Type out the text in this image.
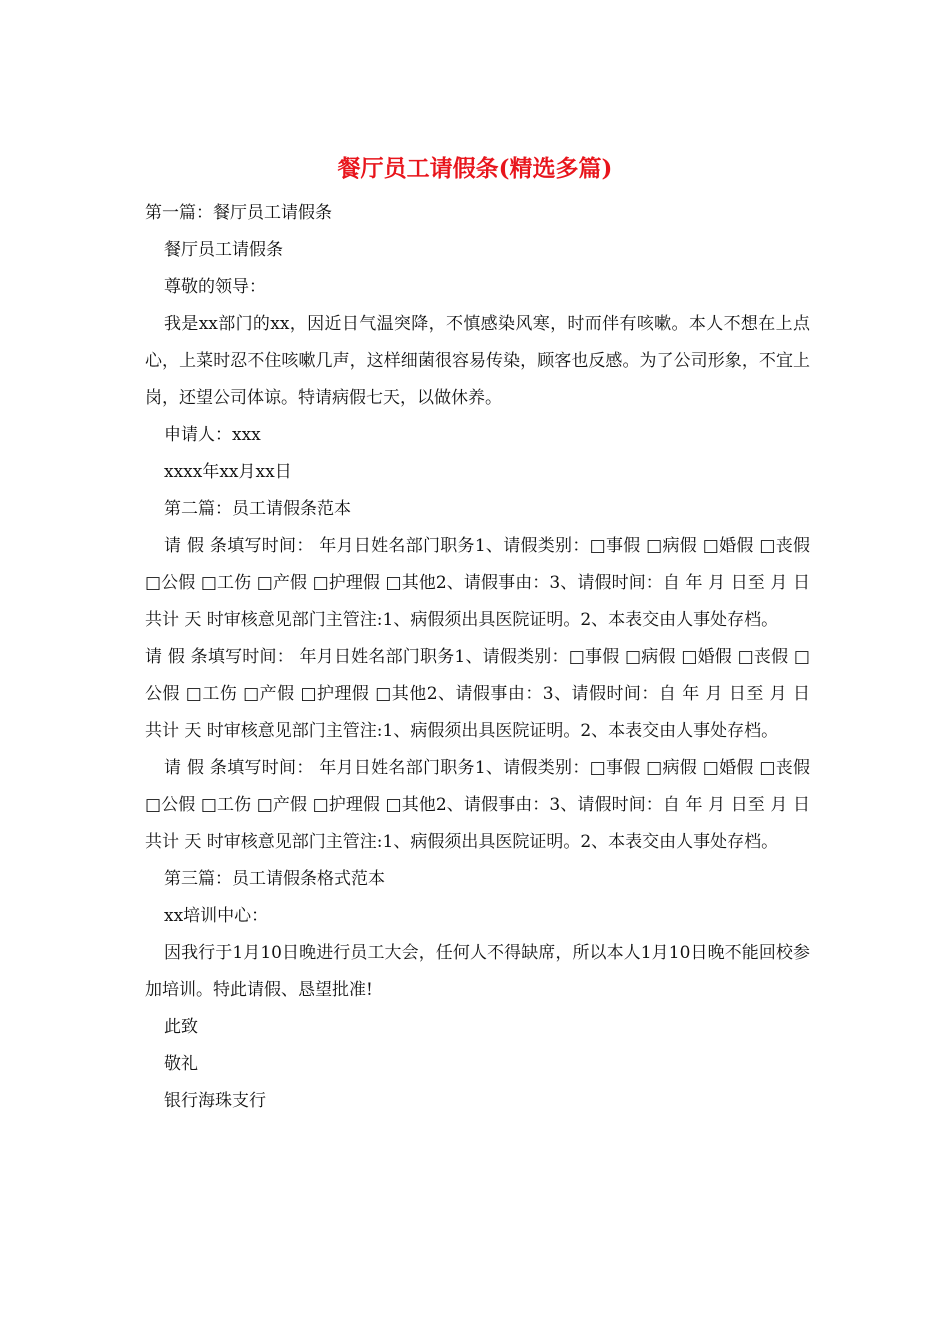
餐厅员工请假条(精选多篇)

第一篇：餐厅员工请假条

餐厅员工请假条

尊敬的领导：

我是xx部门的xx，因近日气温突降，不慎感染风寒，时而伴有咳嗽。本人不想在上点心，上菜时忍不住咳嗽几声，这样细菌很容易传染，顾客也反感。为了公司形象，不宜上岗，还望公司体谅。特请病假七天，以做休养。

申请人：xxx

xxxx年xx月xx日

第二篇：员工请假条范本

请 假 条填写时间： 年月日姓名部门职务1、请假类别：□事假 □病假 □婚假 □丧假 □公假 □工伤 □产假 □护理假 □其他2、请假事由：3、请假时间：自 年 月 日至 月 日 共计 天 时审核意见部门主管注:1、病假须出具医院证明。2、本表交由人事处存档。

请 假 条填写时间： 年月日姓名部门职务1、请假类别：□事假 □病假 □婚假 □丧假 □公假 □工伤 □产假 □护理假 □其他2、请假事由：3、请假时间：自 年 月 日至 月 日 共计 天 时审核意见部门主管注:1、病假须出具医院证明。2、本表交由人事处存档。

请 假 条填写时间： 年月日姓名部门职务1、请假类别：□事假 □病假 □婚假 □丧假 □公假 □工伤 □产假 □护理假 □其他2、请假事由：3、请假时间：自 年 月 日至 月 日 共计 天 时审核意见部门主管注:1、病假须出具医院证明。2、本表交由人事处存档。

第三篇：员工请假条格式范本

xx培训中心：

因我行于1月10日晚进行员工大会，任何人不得缺席，所以本人1月10日晚不能回校参加培训。特此请假、恳望批准!

此致

敬礼

银行海珠支行
